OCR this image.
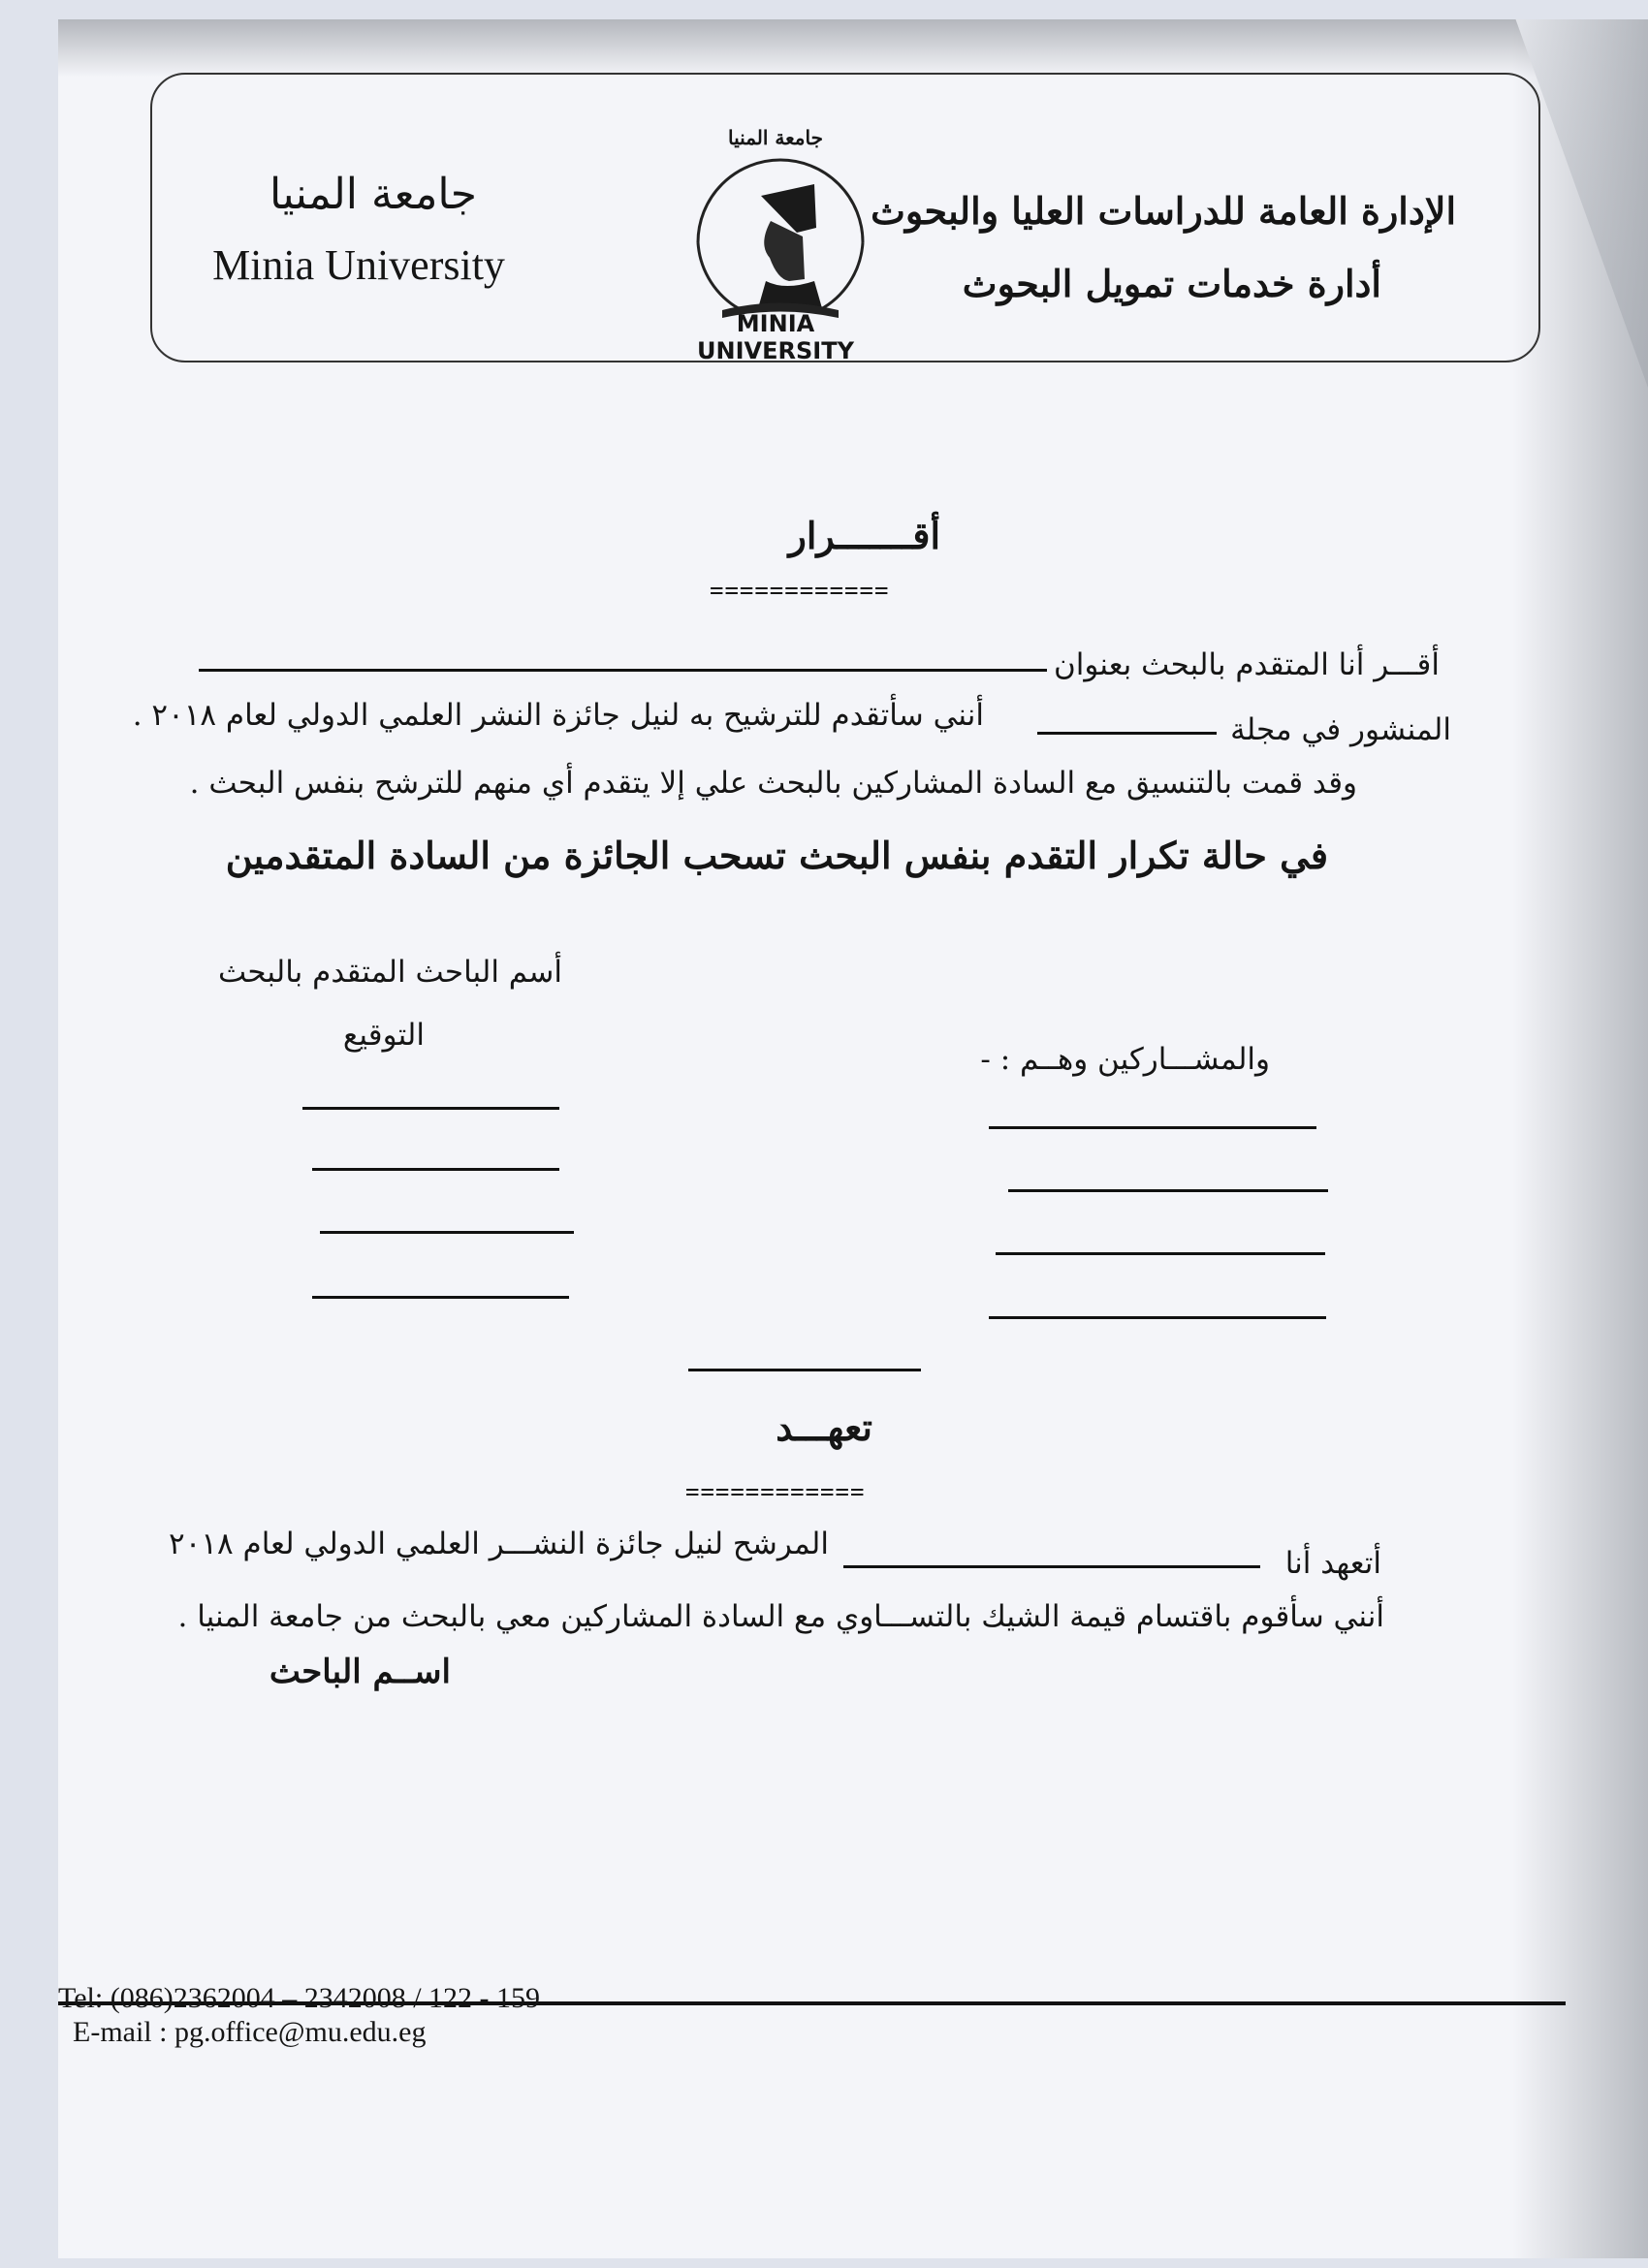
جامعة المنيا
Minia University
الإدارة العامة للدراسات العليا والبحوث
أدارة خدمات تمويل البحوث
جامعة المنيا
MINIA UNIVERSITY
أقـــــــرار
============
أقـــر أنا المتقدم بالبحث بعنوان
المنشور في مجلة
أنني سأتقدم للترشيح به لنيل جائزة النشر العلمي الدولي لعام ٢٠١٨ .
وقد قمت بالتنسيق مع السادة المشاركين بالبحث علي إلا يتقدم أي منهم للترشح بنفس البحث .
في حالة تكرار التقدم بنفس البحث تسحب الجائزة من السادة المتقدمين
أسم الباحث المتقدم بالبحث
التوقيع
والمشـــاركين وهــم : -
تعهـــد
============
أتعهد أنا
المرشح لنيل جائزة النشـــر العلمي الدولي لعام ٢٠١٨
أنني سأقوم باقتسام قيمة الشيك بالتســـاوي مع السادة المشاركين معي بالبحث من جامعة المنيا .
اســم الباحث
Tel: (086)2362004 – 2342008 / 122 - 159
E-mail : pg.office@mu.edu.eg
